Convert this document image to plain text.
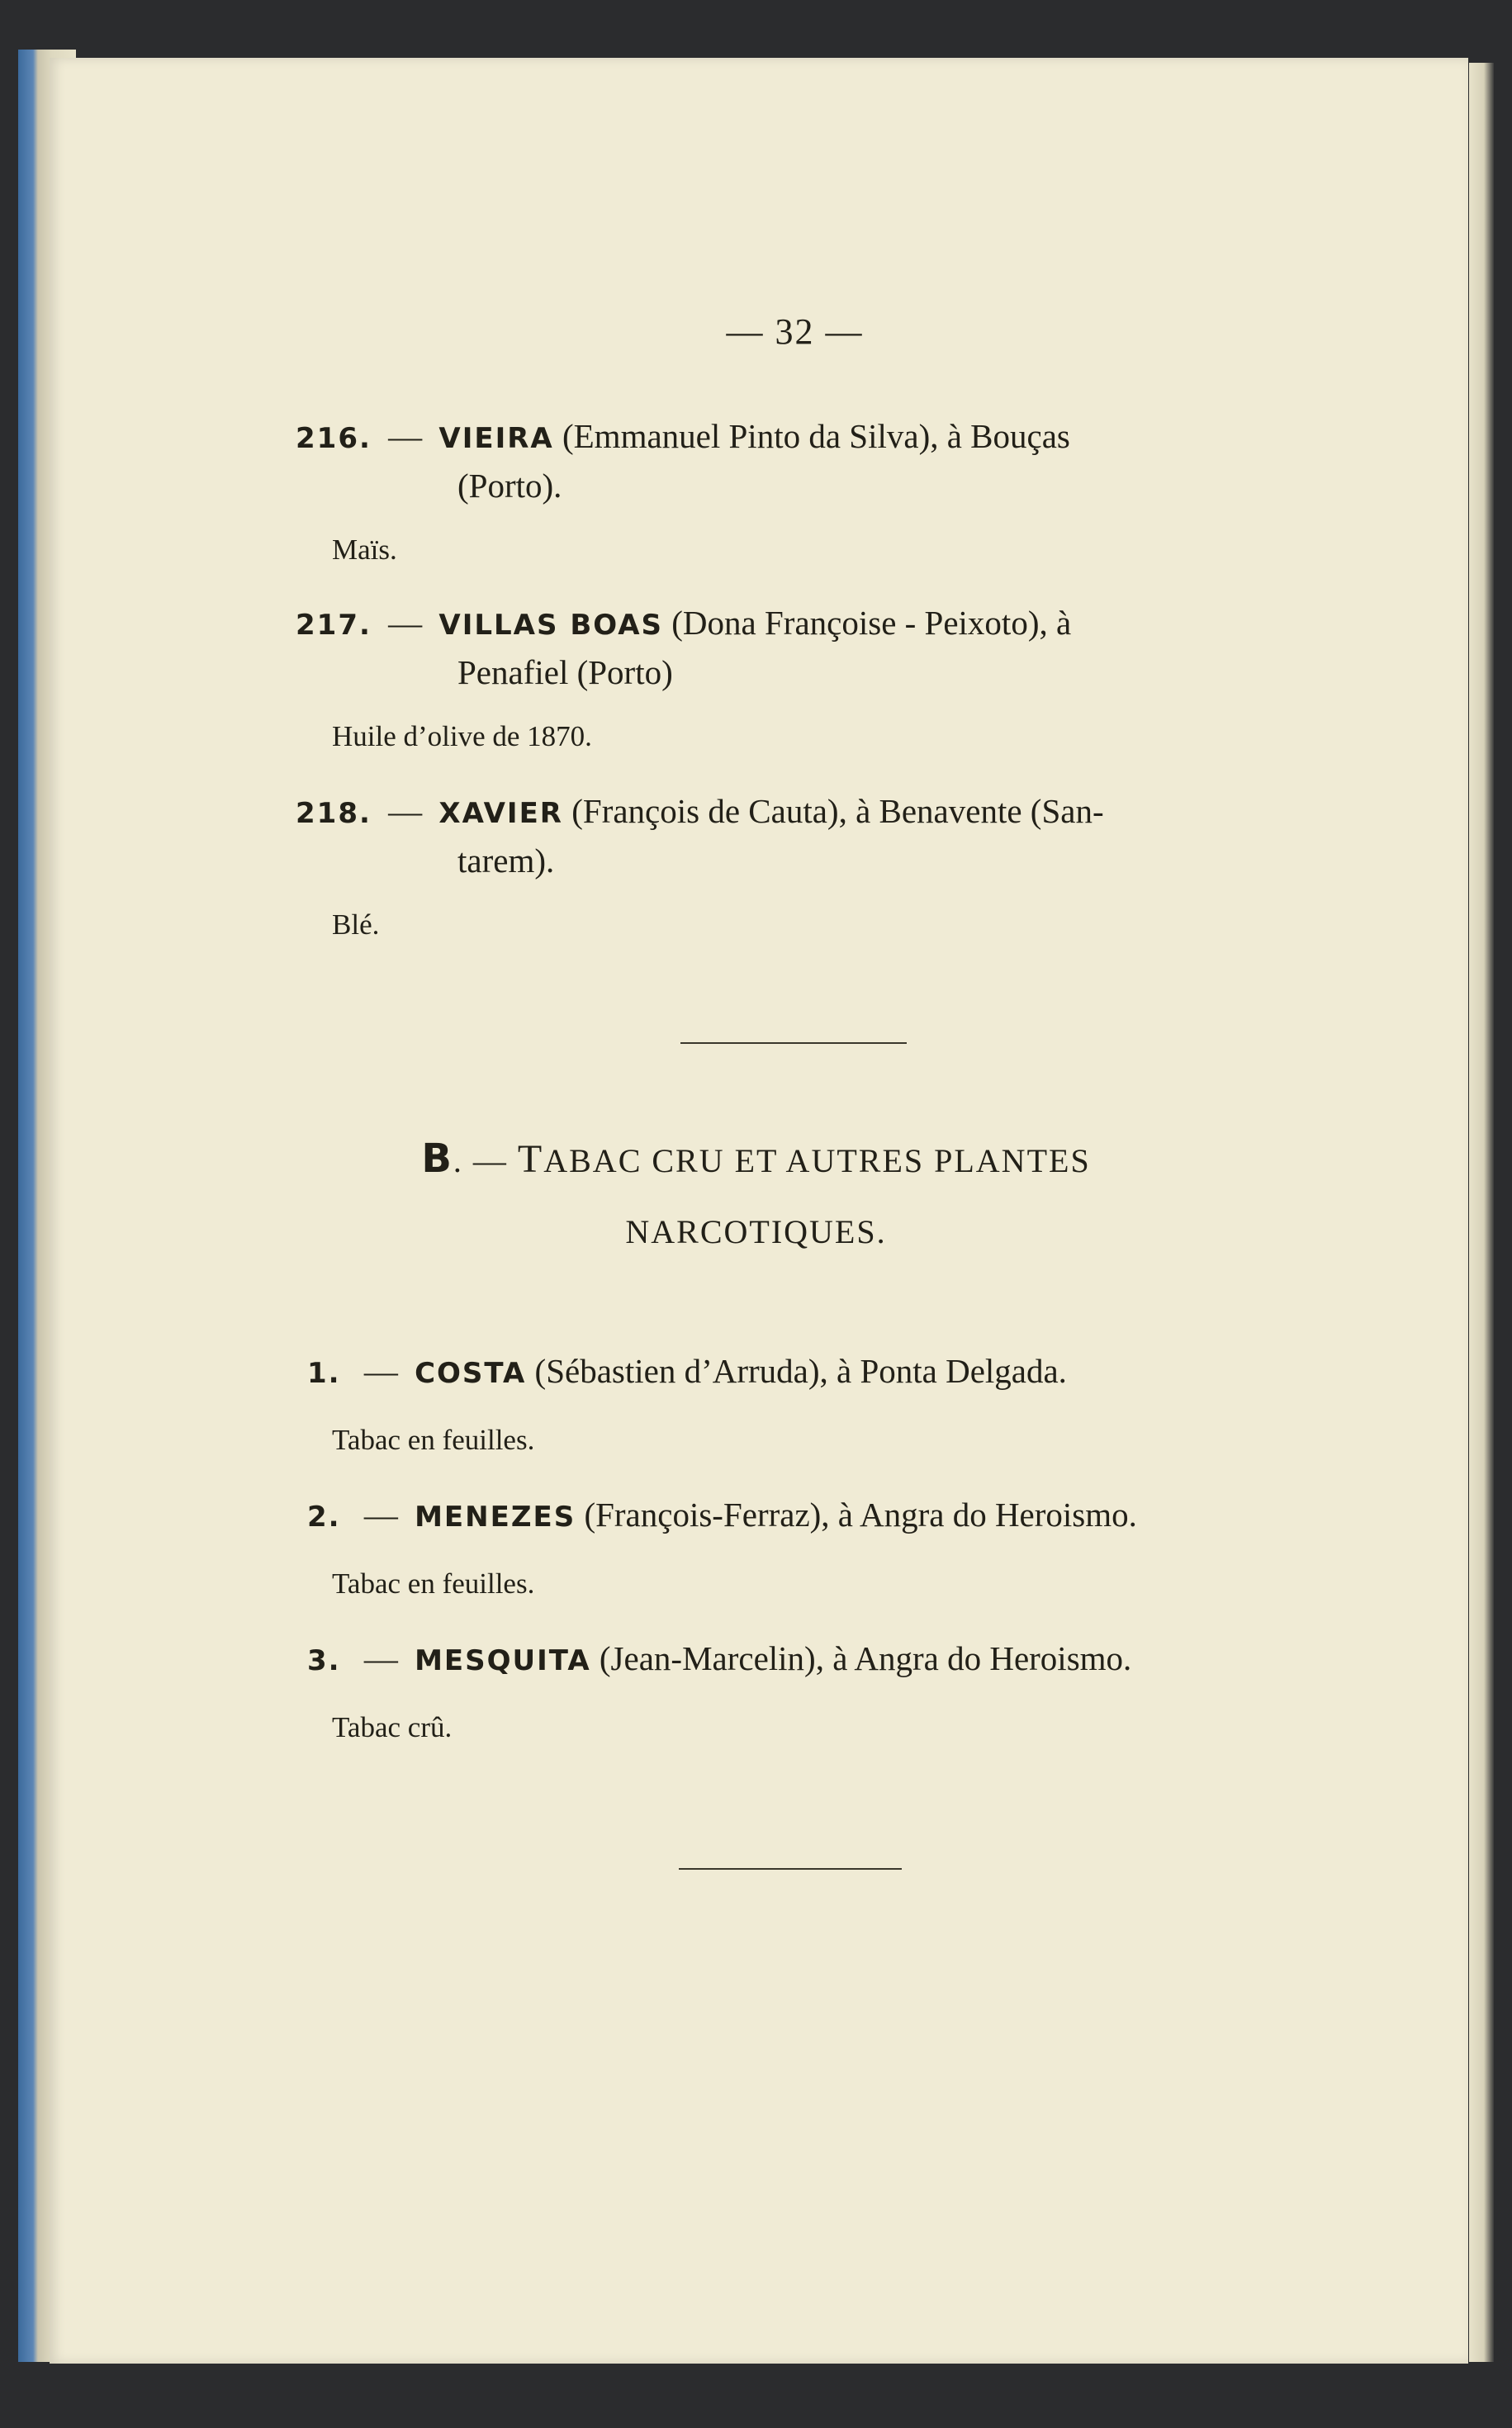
— 32 —
216. — VIEIRA (Emmanuel Pinto da Silva), à Bouças
(Porto).
Maïs.
217. — VILLAS BOAS (Dona Françoise - Peixoto), à
Penafiel (Porto)
Huile d’olive de 1870.
218. — XAVIER (François de Cauta), à Benavente (San-
tarem).
Blé.
B. — TABAC CRU ET AUTRES PLANTES
NARCOTIQUES.
1. — COSTA (Sébastien d’Arruda), à Ponta Delgada.
Tabac en feuilles.
2. — MENEZES (François-Ferraz), à Angra do Heroismo.
Tabac en feuilles.
3. — MESQUITA (Jean-Marcelin), à Angra do Heroismo.
Tabac crû.
